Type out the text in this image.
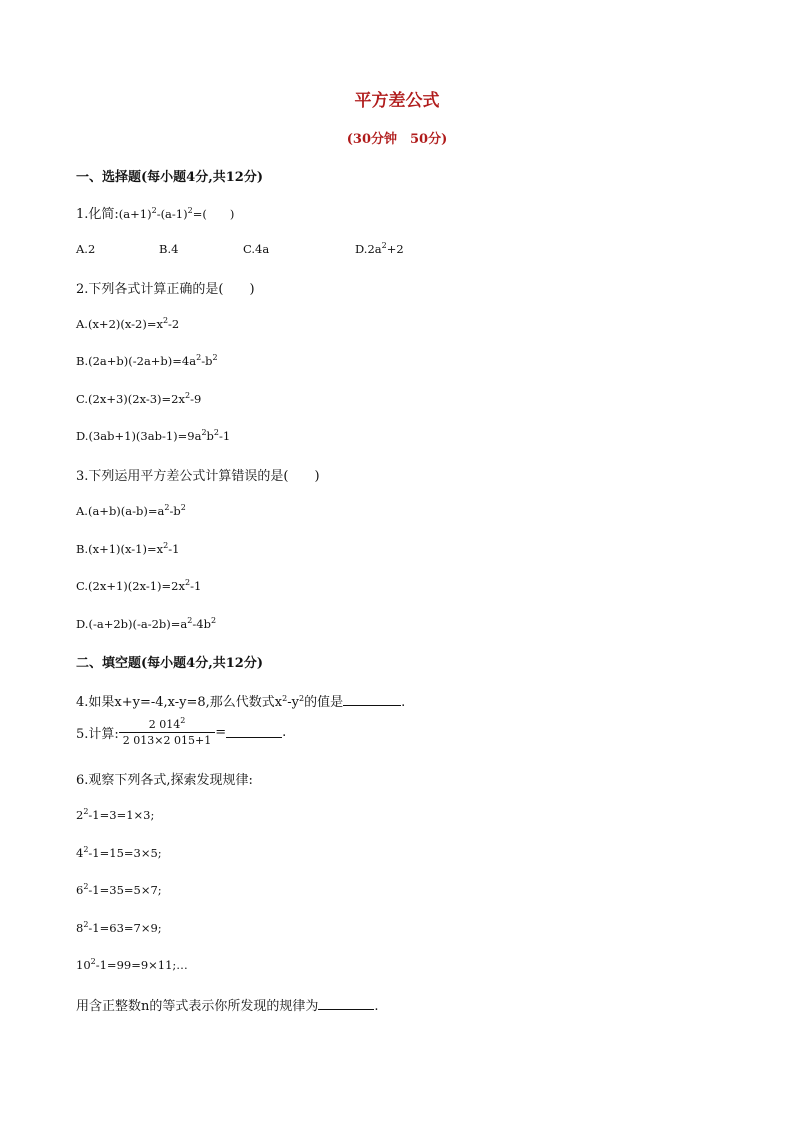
平方差公式
(30分钟　50分)
一、选择题(每小题4分,共12分)
1.化简$:(a+1)^2-(a-1)^2=$(　　)
A.2	B.4	C.4a	$D.2a^2+2$
2.下列各式计算正确的是(　　)
$A.(x+2)(x-2)=x^2-2$
$B.(2a+b)(-2a+b)=4a^2-b^2$
$C.(2x+3)(2x-3)=2x^2-9$
$D.(3ab+1)(3ab-1)=9a^2b^2-1$
3.下列运用平方差公式计算错误的是(　　)
$A.(a+b)(a-b)=a^2-b^2$
$B.(x+1)(x-1)=x^2-1$
$C.(2x+1)(2x-1)=2x^2-1$
$D.(-a+2b)(-a-2b)=a^2-4b^2$
二、填空题(每小题4分,共12分)
4.如果x+y=-4,x-y=8,那么代数式$x^2-y^2$的值是	.
5.计算: $\frac{2 014^2}{2 013\times 2 015+1}$ =	.
6.观察下列各式,探索发现规律:
$2^2-1=3=1\times 3$;
$4^2-1=15=3\times 5$;
$6^2-1=35=5\times 7$;
$8^2-1=63=7\times 9$;
$10^2-1=99=9\times 11;\dots$
用含正整数n的等式表示你所发现的规律为	.
